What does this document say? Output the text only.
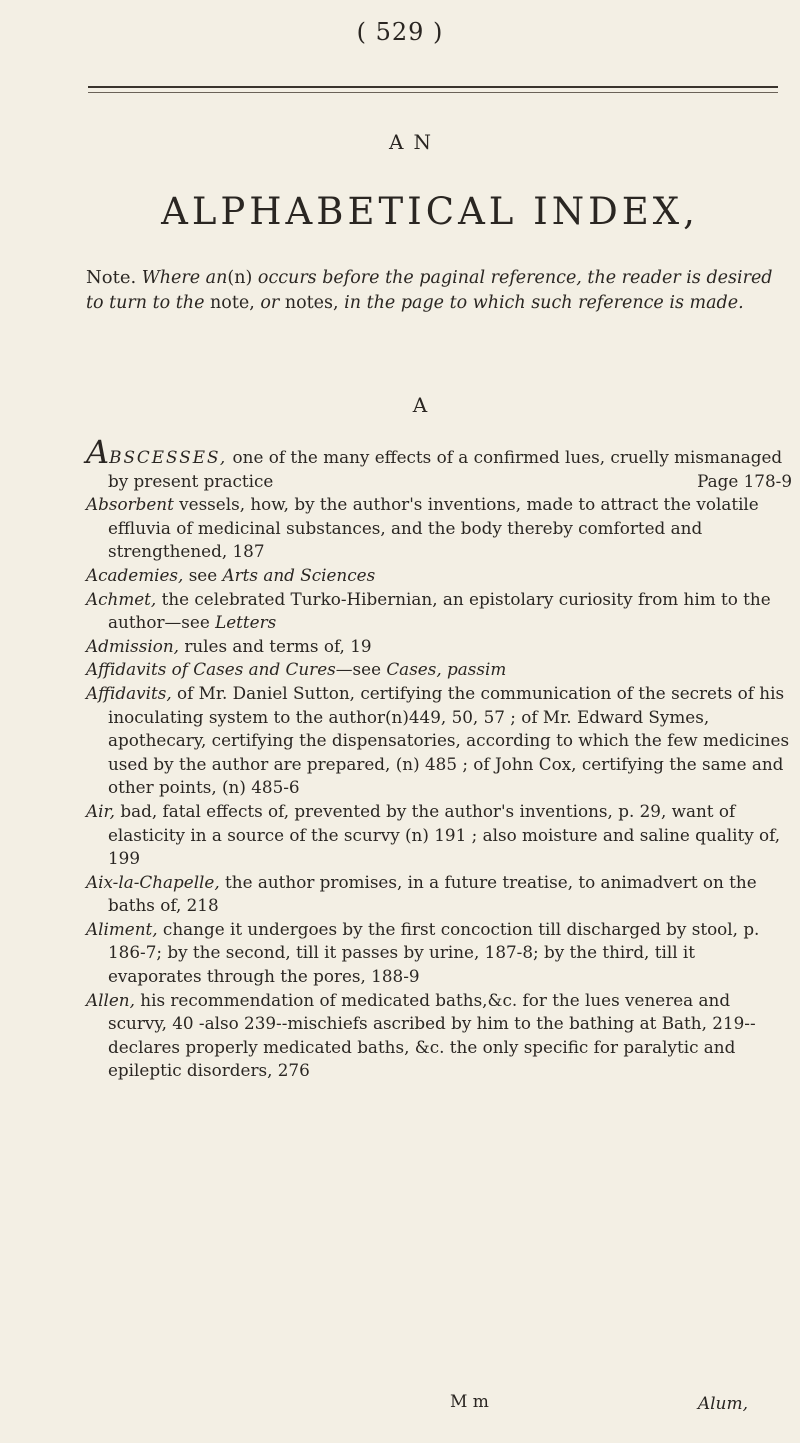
( 529 )
AN
ALPHABETICAL INDEX,
Note. Where an(n) occurs before the paginal reference, the reader is desired to turn to the note, or notes, in the page to which such reference is made.
A

ABSCESSES, one of the many effects of a confirmed lues, cruelly mismanaged by present practice	Page 178-9

Absorbent vessels, how, by the author's inventions, made to attract the volatile effluvia of medicinal substances, and the body thereby comforted and strengthened, 187

Academies, see Arts and Sciences

Achmet, the celebrated Turko-Hibernian, an epistolary curiosity from him to the author—see Letters

Admission, rules and terms of, 19

Affidavits of Cases and Cures—see Cases, passim

Affidavits, of Mr. Daniel Sutton, certifying the communication of the secrets of his inoculating system to the author(n)449, 50, 57 ; of Mr. Edward Symes, apothecary, certifying the dispensatories, according to which the few medicines used by the author are prepared, (n) 485 ; of John Cox, certifying the same and other points, (n) 485-6

Air, bad, fatal effects of, prevented by the author's inventions, p. 29, want of elasticity in a source of the scurvy (n) 191 ; also moisture and saline quality of, 199

Aix-la-Chapelle, the author promises, in a future treatise, to animadvert on the baths of, 218

Aliment, change it undergoes by the first concoction till discharged by stool, p. 186-7; by the second, till it passes by urine, 187-8; by the third, till it evaporates through the pores, 188-9

Allen, his recommendation of medicated baths,&c. for the lues venerea and scurvy, 40 -also 239--mischiefs ascribed by him to the bathing at Bath, 219--declares properly medicated baths, &c. the only specific for paralytic and epileptic disorders, 276

M m	Alum,
